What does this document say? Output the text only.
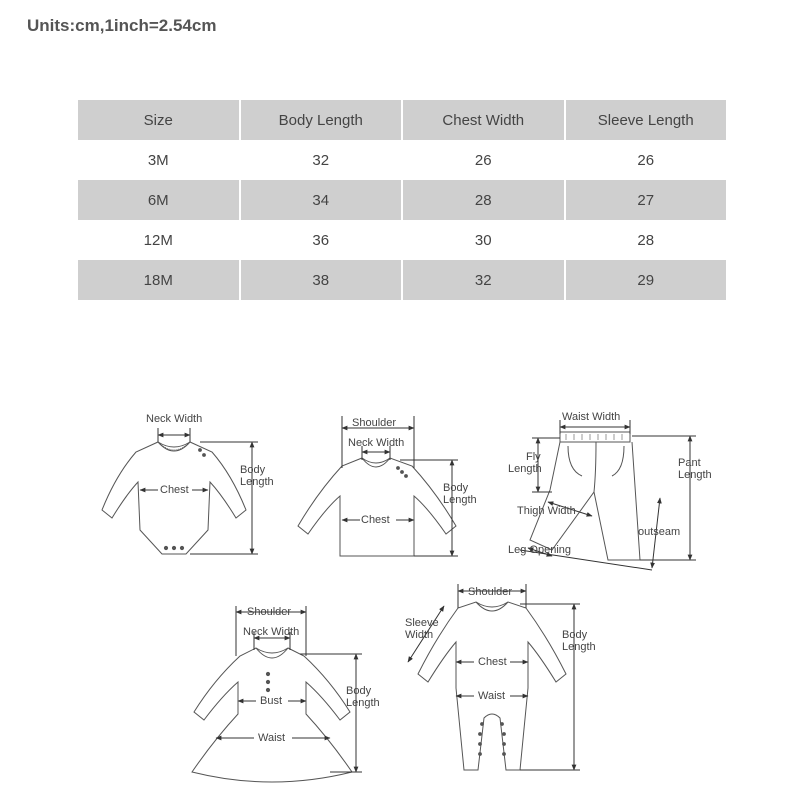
Units:cm,1inch=2.54cm
Size	Body Length	Chest Width	Sleeve Length
3M	32	26	26
6M	34	28	27
12M	36	30	28
18M	38	32	29
Neck Width
Chest
Body
Length
Shoulder
Neck Width
Chest
Body
Length
Waist Width
Fly
Length	Pant
Length
Thigh Width
Leg Opening
outseam
Shoulder
Neck Width
Bust
Waist
Body
Length
Shoulder
Sleeve
Width
Chest
Waist
Body
Length
